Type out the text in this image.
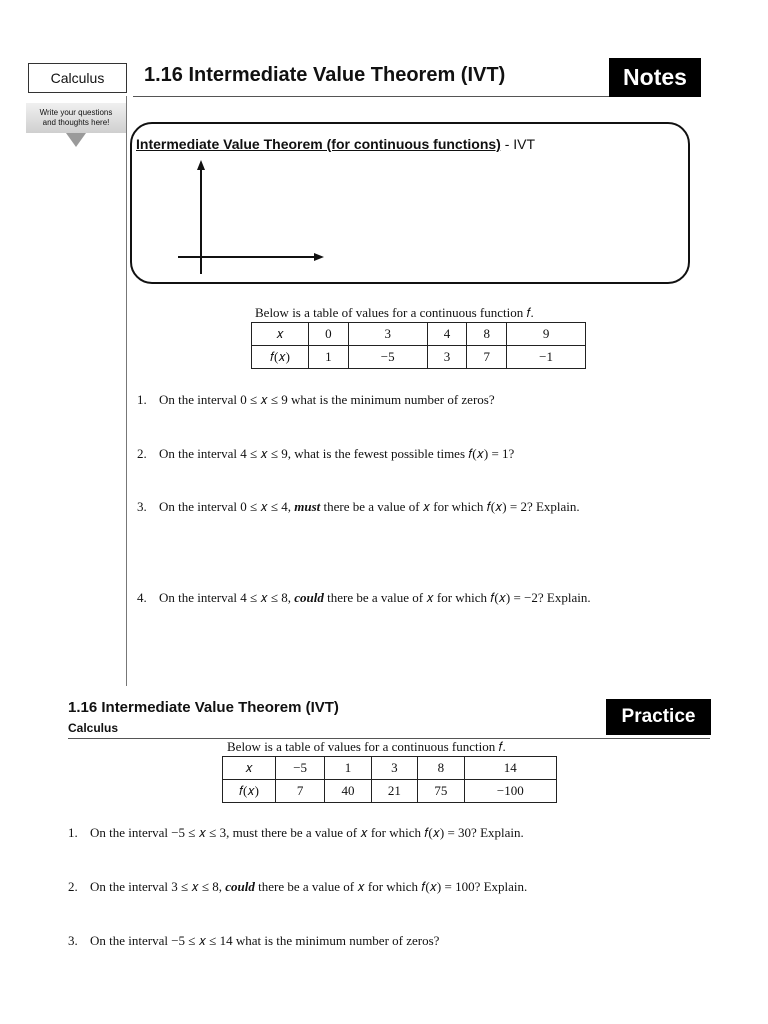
Calculus	1.16 Intermediate Value Theorem (IVT)	Notes
Write your questions and thoughts here!
Intermediate Value Theorem (for continuous functions) - IVT
Below is a table of values for a continuous function 𝑓.
𝑥	0	3	4	8	9
𝑓(𝑥)	1	−5	3	7	−1
1. On the interval 0 ≤ 𝑥 ≤ 9 what is the minimum number of zeros?
2. On the interval 4 ≤ 𝑥 ≤ 9, what is the fewest possible times 𝑓(𝑥) = 1?
3. On the interval 0 ≤ 𝑥 ≤ 4, must there be a value of 𝑥 for which 𝑓(𝑥) = 2? Explain.
4. On the interval 4 ≤ 𝑥 ≤ 8, could there be a value of 𝑥 for which 𝑓(𝑥) = −2? Explain.
1.16 Intermediate Value Theorem (IVT)
Calculus
Practice
Below is a table of values for a continuous function 𝑓.
𝑥	−5	1	3	8	14
𝑓(𝑥)	7	40	21	75	−100
1. On the interval −5 ≤ 𝑥 ≤ 3, must there be a value of 𝑥 for which 𝑓(𝑥) = 30? Explain.
2. On the interval 3 ≤ 𝑥 ≤ 8, could there be a value of 𝑥 for which 𝑓(𝑥) = 100? Explain.
3. On the interval −5 ≤ 𝑥 ≤ 14 what is the minimum number of zeros?
